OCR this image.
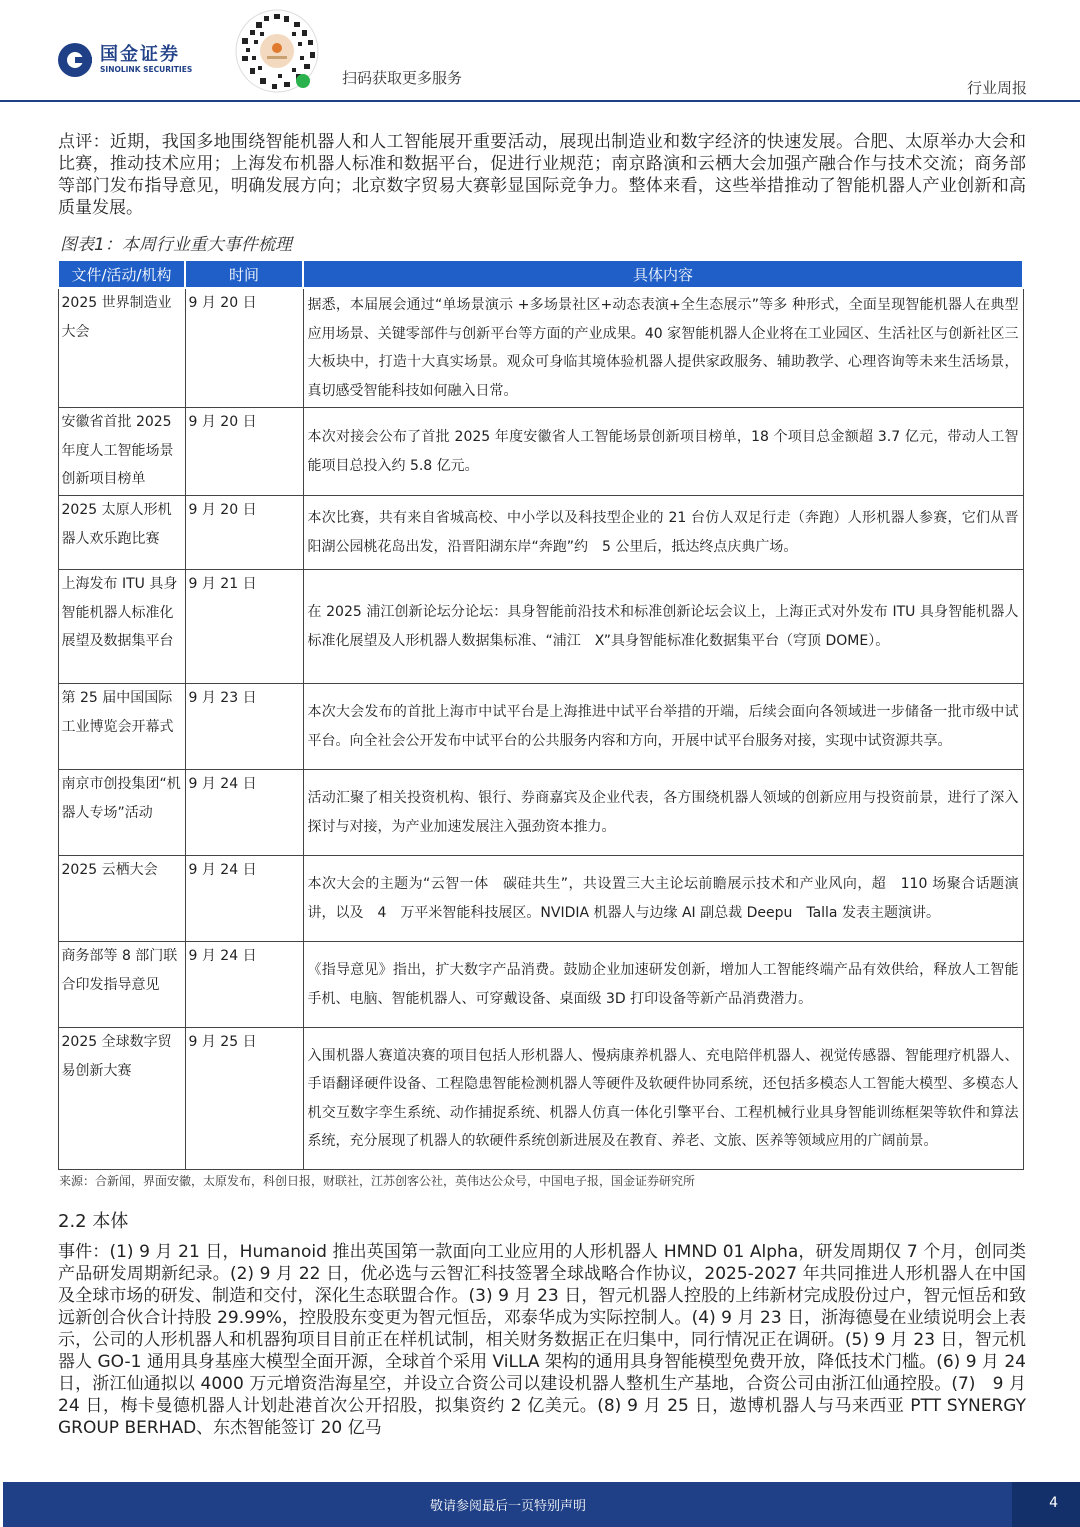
国金证券
SINOLINK SECURITIES	扫码获取更多服务
行业周报
点评：近期，我国多地围绕智能机器人和人工智能展开重要活动，展现出制造业和数字经济的快速发展。合肥、太原举办大会和比赛，推动技术应用；上海发布机器人标准和数据平台，促进行业规范；南京路演和云栖大会加强产融合作与技术交流；商务部等部门发布指导意见，明确发展方向；北京数字贸易大赛彰显国际竞争力。整体来看，这些举措推动了智能机器人产业创新和高质量发展。
图表1：本周行业重大事件梳理
文件/活动/机构	时间	具体内容
2025 世界制造业大会	9 月 20 日	据悉，本届展会通过“单场景演示 +多场景社区+动态表演+全生态展示”等多 种形式，全面呈现智能机器人在典型应用场景、关键零部件与创新平台等方面的产业成果。40 家智能机器人企业将在工业园区、生活社区与创新社区三大板块中，打造十大真实场景。观众可身临其境体验机器人提供家政服务、辅助教学、心理咨询等未来生活场景，真切感受智能科技如何融入日常。
安徽省首批 2025 年度人工智能场景创新项目榜单	9 月 20 日	本次对接会公布了首批 2025 年度安徽省人工智能场景创新项目榜单，18 个项目总金额超 3.7 亿元，带动人工智能项目总投入约 5.8 亿元。
2025 太原人形机器人欢乐跑比赛	9 月 20 日	本次比赛，共有来自省城高校、中小学以及科技型企业的 21 台仿人双足行走（奔跑）人形机器人参赛，它们从晋阳湖公园桃花岛出发，沿晋阳湖东岸“奔跑”约　5 公里后，抵达终点庆典广场。
上海发布 ITU 具身智能机器人标准化展望及数据集平台	9 月 21 日	在 2025 浦江创新论坛分论坛：具身智能前沿技术和标准创新论坛会议上，上海正式对外发布 ITU 具身智能机器人标准化展望及人形机器人数据集标准、“浦江　X”具身智能标准化数据集平台（穹顶 DOME）。
第 25 届中国国际工业博览会开幕式	9 月 23 日	本次大会发布的首批上海市中试平台是上海推进中试平台举措的开端，后续会面向各领域进一步储备一批市级中试平台。向全社会公开发布中试平台的公共服务内容和方向，开展中试平台服务对接，实现中试资源共享。
南京市创投集团“机器人专场”活动	9 月 24 日	活动汇聚了相关投资机构、银行、券商嘉宾及企业代表，各方围绕机器人领域的创新应用与投资前景，进行了深入探讨与对接，为产业加速发展注入强劲资本推力。
2025 云栖大会	9 月 24 日	本次大会的主题为“云智一体　碳硅共生”，共设置三大主论坛前瞻展示技术和产业风向，超　110 场聚合话题演讲，以及　4　万平米智能科技展区。NVIDIA 机器人与边缘 AI 副总裁 Deepu　Talla 发表主题演讲。
商务部等 8 部门联合印发指导意见	9 月 24 日	《指导意见》指出，扩大数字产品消费。鼓励企业加速研发创新，增加人工智能终端产品有效供给，释放人工智能手机、电脑、智能机器人、可穿戴设备、桌面级 3D 打印设备等新产品消费潜力。
2025 全球数字贸易创新大赛	9 月 25 日	入围机器人赛道决赛的项目包括人形机器人、慢病康养机器人、充电陪伴机器人、视觉传感器、智能理疗机器人、手语翻译硬件设备、工程隐患智能检测机器人等硬件及软硬件协同系统，还包括多模态人工智能大模型、多模态人机交互数字孪生系统、动作捕捉系统、机器人仿真一体化引擎平台、工程机械行业具身智能训练框架等软件和算法系统，充分展现了机器人的软硬件系统创新进展及在教育、养老、文旅、医养等领域应用的广阔前景。
来源：合新闻，界面安徽，太原发布，科创日报，财联社，江苏创客公社，英伟达公众号，中国电子报，国金证券研究所
2.2 本体
事件：(1) 9 月 21 日，Humanoid 推出英国第一款面向工业应用的人形机器人 HMND 01 Alpha，研发周期仅 7 个月，创同类产品研发周期新纪录。(2) 9 月 22 日，优必选与云智汇科技签署全球战略合作协议，2025-2027 年共同推进人形机器人在中国及全球市场的研发、制造和交付，深化生态联盟合作。(3) 9 月 23 日，智元机器人控股的上纬新材完成股份过户，智元恒岳和致远新创合伙合计持股 29.99%，控股股东变更为智元恒岳，邓泰华成为实际控制人。(4) 9 月 23 日，浙海德曼在业绩说明会上表示，公司的人形机器人和机器狗项目目前正在样机试制，相关财务数据正在归集中，同行情况正在调研。(5) 9 月 23 日，智元机器人 GO-1 通用具身基座大模型全面开源，全球首个采用 ViLLA 架构的通用具身智能模型免费开放，降低技术门槛。(6) 9 月 24 日，浙江仙通拟以 4000 万元增资浩海星空，并设立合资公司以建设机器人整机生产基地，合资公司由浙江仙通控股。(7)　9 月 24 日，梅卡曼德机器人计划赴港首次公开招股，拟集资约 2 亿美元。(8) 9 月 25 日，遨博机器人与马来西亚 PTT SYNERGY GROUP BERHAD、东杰智能签订 20 亿马
敬请参阅最后一页特别声明	4
